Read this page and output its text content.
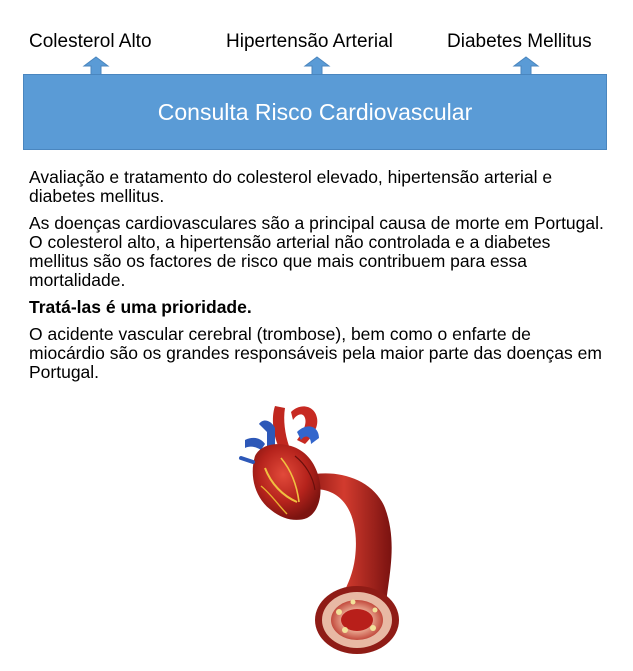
Colesterol Alto	Hipertensão Arterial	Diabetes Mellitus
Consulta Risco Cardiovascular

Avaliação e tratamento do colesterol elevado, hipertensão arterial e diabetes mellitus.

As doenças cardiovasculares são a principal causa de morte em Portugal. O colesterol alto, a hipertensão arterial não controlada e a diabetes mellitus são os factores de risco que mais contribuem para essa mortalidade.

Tratá-las é uma prioridade.

O acidente vascular cerebral (trombose), bem como o enfarte de miocárdio são os grandes responsáveis pela maior parte das doenças em Portugal.
